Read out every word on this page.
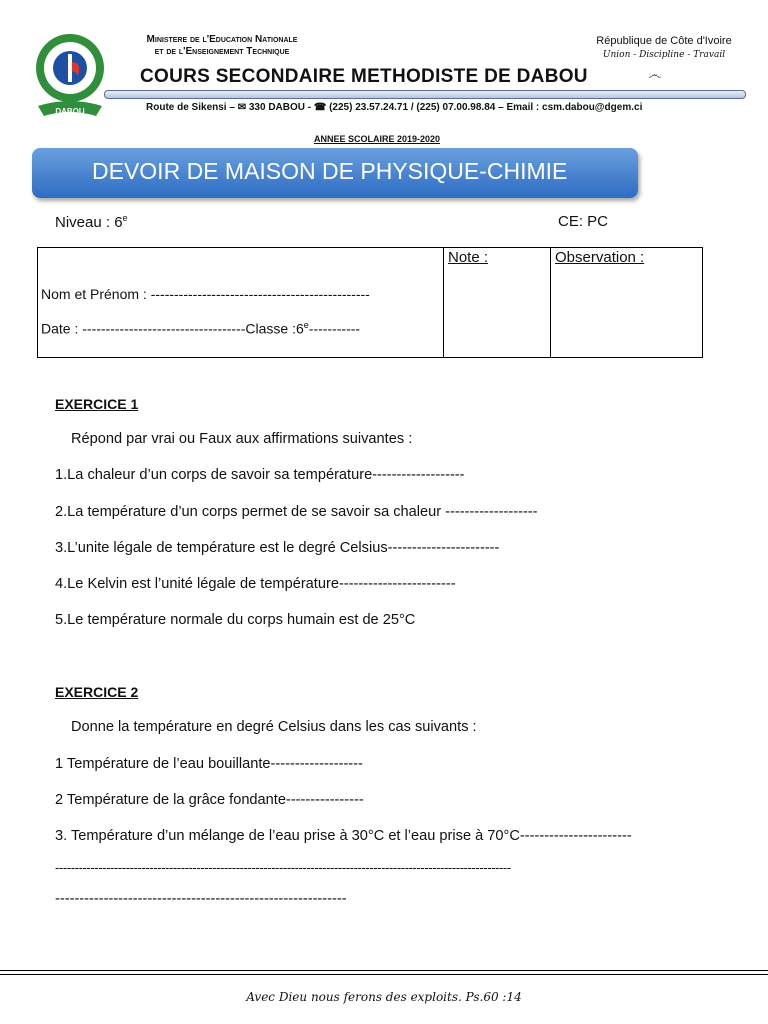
DABOU
Ministere de l'Education Nationale
et de l'Enseignement Technique
République de Côte d'Ivoire
Union - Discipline - Travail
෴
COURS SECONDAIRE METHODISTE DE DABOU
Route de Sikensi – ✉ 330 DABOU - ☎ (225) 23.57.24.71 / (225) 07.00.98.84 – Email : csm.dabou@dgem.ci
ANNEE SCOLAIRE 2019-2020
DEVOIR DE MAISON DE PHYSIQUE-CHIMIE
Niveau : 6e	CE: PC
Note :	Observation :
Nom et Prénom : -----------------------------------------------
Date : -----------------------------------Classe :6e-----------
EXERCICE 1
Répond par vrai ou Faux aux affirmations suivantes :
1.La chaleur d’un corps de savoir sa température-------------------
2.La température d’un corps permet de se savoir sa chaleur -------------------
3.L’unite légale de température est le degré Celsius-----------------------
4.Le Kelvin est l’unité légale de température------------------------
5.Le température normale du corps humain est de 25°C
EXERCICE 2
Donne la température en degré Celsius dans les cas suivants :
1 Température de l’eau bouillante-------------------
2 Température de la grâce fondante----------------
3. Température d’un mélange de l’eau prise à 30°C et l’eau prise à 70°C-----------------------
--------------------------------------------------------------------------------------------------------------------
------------------------------------------------------------
Avec Dieu nous ferons des exploits. Ps.60 :14
